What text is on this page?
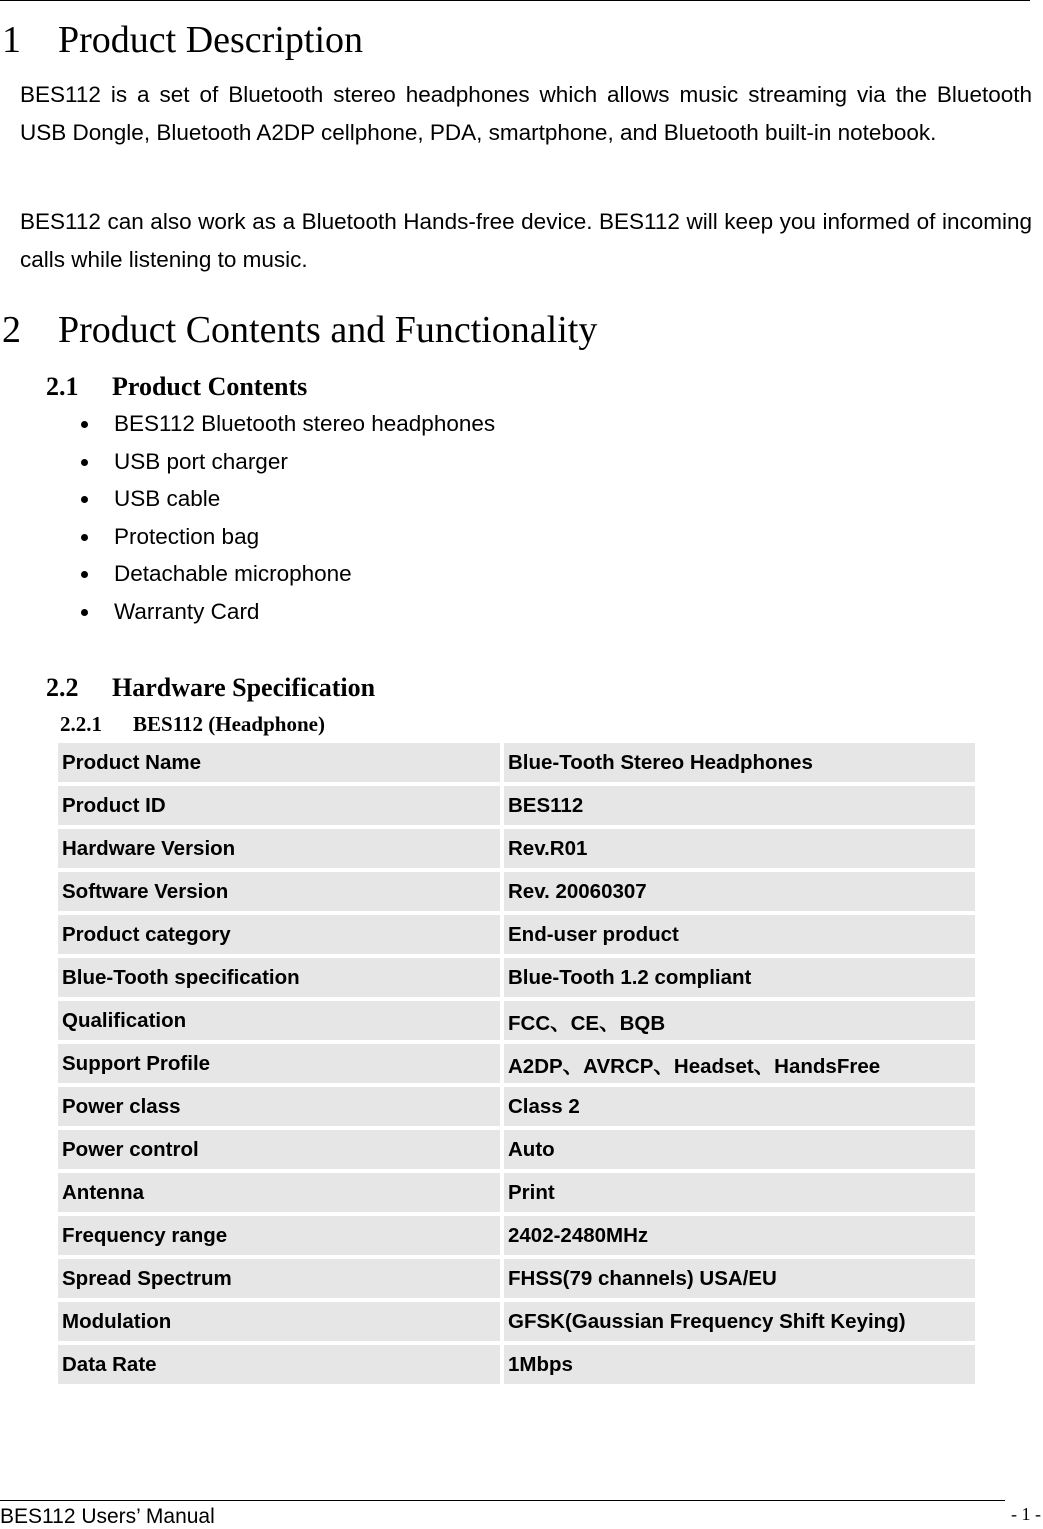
1 Product Description
BES112 is a set of Bluetooth stereo headphones which allows music streaming via the Bluetooth USB Dongle, Bluetooth A2DP cellphone, PDA, smartphone, and Bluetooth built-in notebook.
BES112 can also work as a Bluetooth Hands-free device. BES112 will keep you informed of incoming calls while listening to music.
2 Product Contents and Functionality
2.1 Product Contents
BES112 Bluetooth stereo headphones
USB port charger
USB cable
Protection bag
Detachable microphone
Warranty Card
2.2 Hardware Specification
2.2.1 BES112 (Headphone)
Product Name	Blue-Tooth Stereo Headphones
Product ID	BES112
Hardware Version	Rev.R01
Software Version	Rev. 20060307
Product category	End-user product
Blue-Tooth specification	Blue-Tooth 1.2 compliant
Qualification	FCC、CE、BQB
Support Profile	A2DP、AVRCP、Headset、HandsFree
Power class	Class 2
Power control	Auto
Antenna	Print
Frequency range	2402-2480MHz
Spread Spectrum	FHSS(79 channels) USA/EU
Modulation	GFSK(Gaussian Frequency Shift Keying)
Data Rate	1Mbps
BES112 Users’ Manual	- 1 -
